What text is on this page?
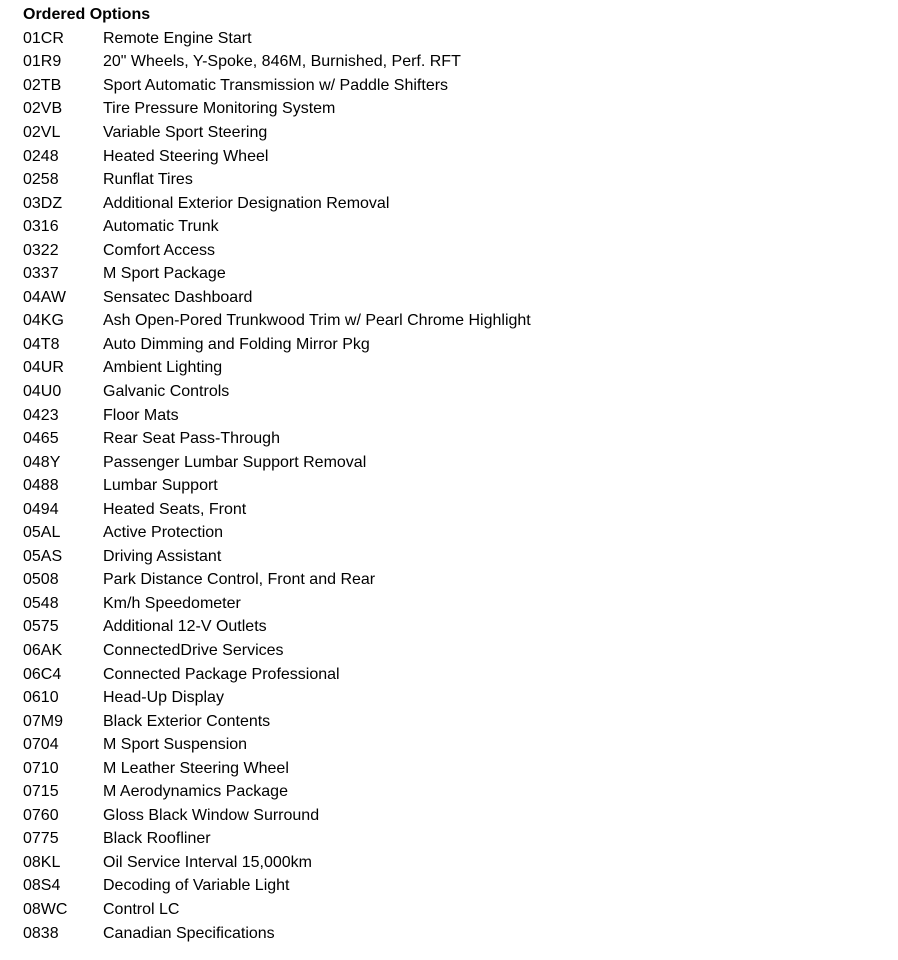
Ordered Options
01CR	Remote Engine Start
01R9	20" Wheels, Y-Spoke, 846M, Burnished, Perf. RFT
02TB	Sport Automatic Transmission w/ Paddle Shifters
02VB	Tire Pressure Monitoring System
02VL	Variable Sport Steering
0248	Heated Steering Wheel
0258	Runflat Tires
03DZ	Additional Exterior Designation Removal
0316	Automatic Trunk
0322	Comfort Access
0337	M Sport Package
04AW	Sensatec Dashboard
04KG	Ash Open-Pored Trunkwood Trim w/ Pearl Chrome Highlight
04T8	Auto Dimming and Folding Mirror Pkg
04UR	Ambient Lighting
04U0	Galvanic Controls
0423	Floor Mats
0465	Rear Seat Pass-Through
048Y	Passenger Lumbar Support Removal
0488	Lumbar Support
0494	Heated Seats, Front
05AL	Active Protection
05AS	Driving Assistant
0508	Park Distance Control, Front and Rear
0548	Km/h Speedometer
0575	Additional 12-V Outlets
06AK	ConnectedDrive Services
06C4	Connected Package Professional
0610	Head-Up Display
07M9	Black Exterior Contents
0704	M Sport Suspension
0710	M Leather Steering Wheel
0715	M Aerodynamics Package
0760	Gloss Black Window Surround
0775	Black Roofliner
08KL	Oil Service Interval 15,000km
08S4	Decoding of Variable Light
08WC	Control LC
0838	Canadian Specifications
